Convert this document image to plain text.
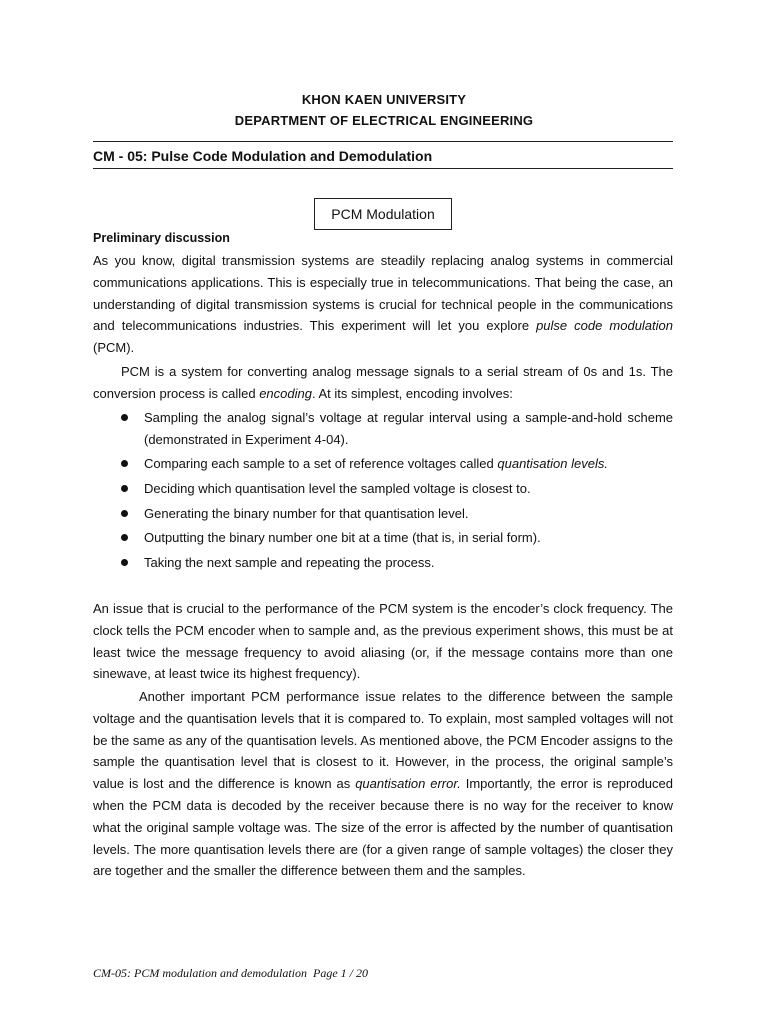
KHON KAEN UNIVERSITY
DEPARTMENT OF ELECTRICAL ENGINEERING
CM - 05: Pulse Code Modulation and Demodulation
PCM Modulation
Preliminary discussion
As you know, digital transmission systems are steadily replacing analog systems in commercial communications applications. This is especially true in telecommunications. That being the case, an understanding of digital transmission systems is crucial for technical people in the communications and telecommunications industries. This experiment will let you explore pulse code modulation (PCM).
PCM is a system for converting analog message signals to a serial stream of 0s and 1s. The conversion process is called encoding. At its simplest, encoding involves:
Sampling the analog signal’s voltage at regular interval using a sample-and-hold scheme (demonstrated in Experiment 4-04).
Comparing each sample to a set of reference voltages called quantisation levels.
Deciding which quantisation level the sampled voltage is closest to.
Generating the binary number for that quantisation level.
Outputting the binary number one bit at a time (that is, in serial form).
Taking the next sample and repeating the process.
An issue that is crucial to the performance of the PCM system is the encoder’s clock frequency. The clock tells the PCM encoder when to sample and, as the previous experiment shows, this must be at least twice the message frequency to avoid aliasing (or, if the message contains more than one sinewave, at least twice its highest frequency).
Another important PCM performance issue relates to the difference between the sample voltage and the quantisation levels that it is compared to. To explain, most sampled voltages will not be the same as any of the quantisation levels. As mentioned above, the PCM Encoder assigns to the sample the quantisation level that is closest to it. However, in the process, the original sample’s value is lost and the difference is known as quantisation error. Importantly, the error is reproduced when the PCM data is decoded by the receiver because there is no way for the receiver to know what the original sample voltage was. The size of the error is affected by the number of quantisation levels. The more quantisation levels there are (for a given range of sample voltages) the closer they are together and the smaller the difference between them and the samples.
CM-05: PCM modulation and demodulation Page 1 / 20
